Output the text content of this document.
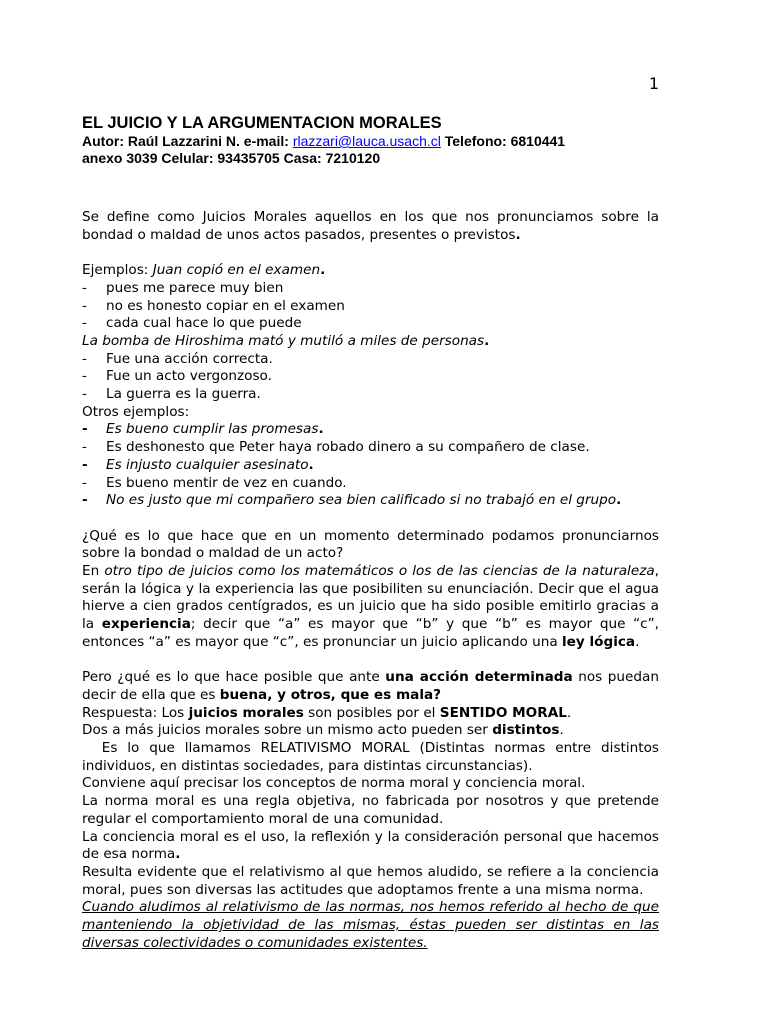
1
EL JUICIO Y LA ARGUMENTACION MORALES

Autor: Raúl Lazzarini N. e-mail: rlazzari@lauca.usach.cl Telefono: 6810441

anexo 3039 Celular: 93435705 Casa: 7210120

Se define como Juicios Morales aquellos en los que nos pronunciamos sobre la bondad o maldad de unos actos pasados, presentes o previstos.

Ejemplos: Juan copió en el examen.

-	pues me parece muy bien
-	no es honesto copiar en el examen
-	cada cual hace lo que puede

La bomba de Hiroshima mató y mutiló a miles de personas.

-	Fue una acción correcta.
-	Fue un acto vergonzoso.
-	La guerra es la guerra.

Otros ejemplos:

-	Es bueno cumplir las promesas.
-	Es deshonesto que Peter haya robado dinero a su compañero de clase.
-	Es injusto cualquier asesinato.
-	Es bueno mentir de vez en cuando.
-	No es justo que mi compañero sea bien calificado si no trabajó en el grupo.

¿Qué es lo que hace que en un momento determinado podamos pronunciarnos sobre la bondad o maldad de un acto?

En otro tipo de juicios como los matemáticos o los de las ciencias de la naturaleza, serán la lógica y la experiencia las que posibiliten su enunciación. Decir que el agua hierve a cien grados centígrados, es un juicio que ha sido posible emitirlo gracias a la experiencia; decir que “a” es mayor que “b” y que “b” es mayor que “c”, entonces “a” es mayor que “c”, es pronunciar un juicio aplicando una ley lógica.

Pero ¿qué es lo que hace posible que ante una acción determinada nos puedan decir de ella que es buena, y otros, que es mala?

Respuesta: Los juicios morales son posibles por el SENTIDO MORAL.

Dos a más juicios morales sobre un mismo acto pueden ser distintos.

Es lo que llamamos RELATIVISMO MORAL (Distintas normas entre distintos individuos, en distintas sociedades, para distintas circunstancias).

Conviene aquí precisar los conceptos de norma moral y conciencia moral.

La norma moral es una regla objetiva, no fabricada por nosotros y que pretende regular el comportamiento moral de una comunidad.

La conciencia moral es el uso, la reflexión y la consideración personal que hacemos de esa norma.

Resulta evidente que el relativismo al que hemos aludido, se refiere a la conciencia moral, pues son diversas las actitudes que adoptamos frente a una misma norma.

Cuando aludimos al relativismo de las normas, nos hemos referido al hecho de que manteniendo la objetividad de las mismas, éstas pueden ser distintas en las diversas colectividades o comunidades existentes.
